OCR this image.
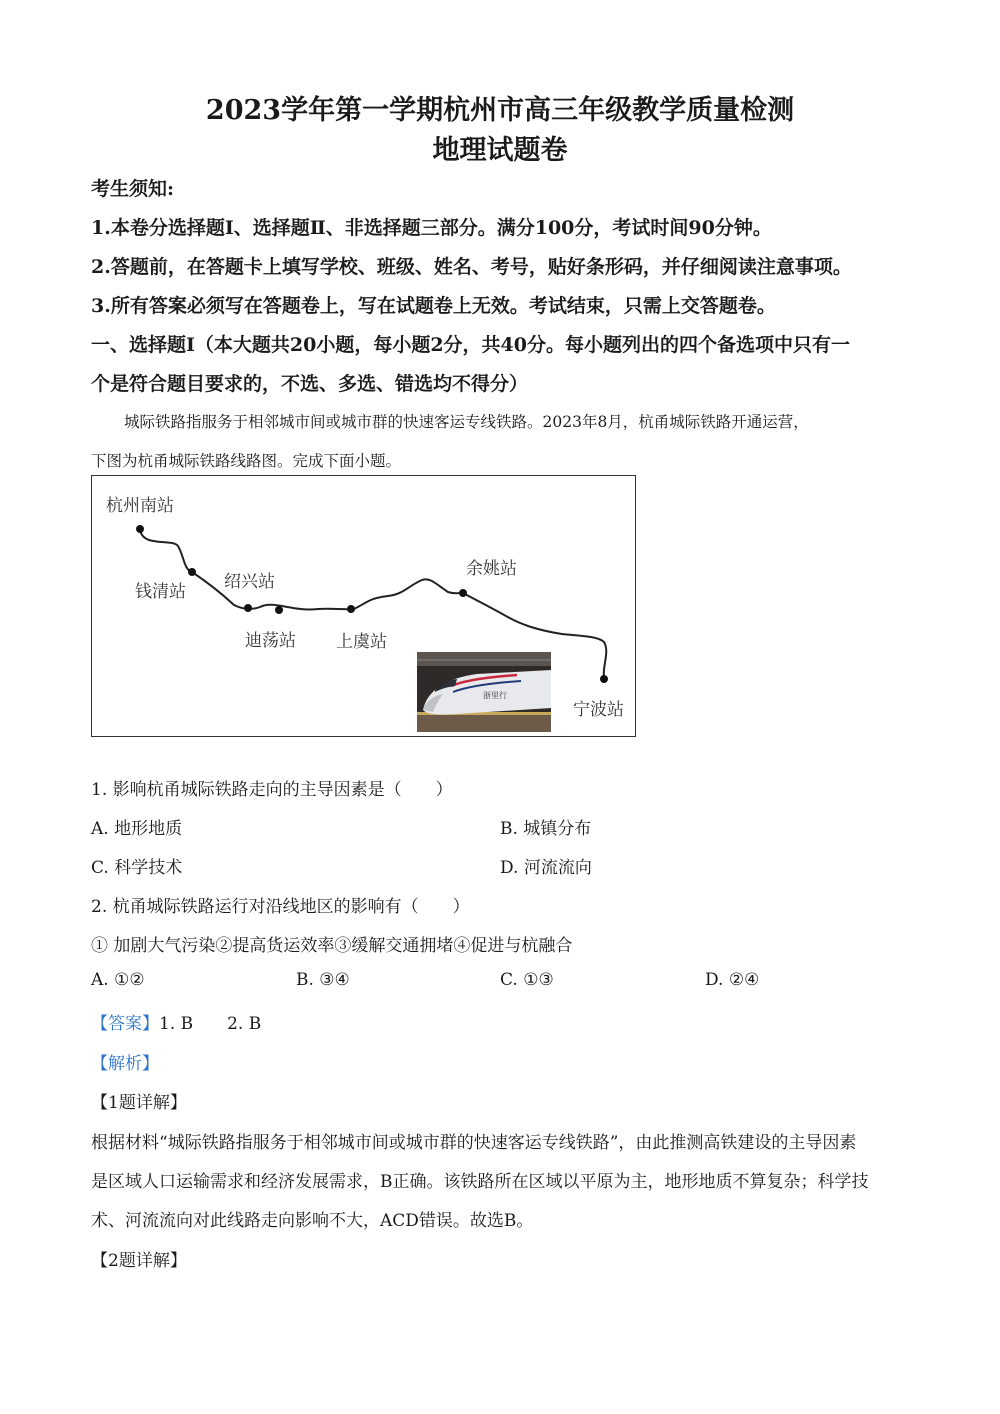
2023学年第一学期杭州市高三年级教学质量检测
地理试题卷
考生须知:
1.本卷分选择题Ⅰ、选择题Ⅱ、非选择题三部分。满分100分，考试时间90分钟。
2.答题前，在答题卡上填写学校、班级、姓名、考号，贴好条形码，并仔细阅读注意事项。
3.所有答案必须写在答题卷上，写在试题卷上无效。考试结束，只需上交答题卷。
一、选择题Ⅰ（本大题共20小题，每小题2分，共40分。每小题列出的四个备选项中只有一
个是符合题目要求的，不选、多选、错选均不得分）
城际铁路指服务于相邻城市间或城市群的快速客运专线铁路。2023年8月，杭甬城际铁路开通运营，
下图为杭甬城际铁路线路图。完成下面小题。
杭州南站
钱清站 绍兴站
迪荡站 上虞站
余姚站
宁波站
浙里行
1. 影响杭甬城际铁路走向的主导因素是（　　）
A. 地形地质	B. 城镇分布
C. 科学技术	D. 河流流向
2. 杭甬城际铁路运行对沿线地区的影响有（　　）
① 加剧大气污染②提高货运效率③缓解交通拥堵④促进与杭融合
A. ①②	B. ③④	C. ①③	D. ②④
【答案】1. B　　2. B
【解析】
【1题详解】
根据材料“城际铁路指服务于相邻城市间或城市群的快速客运专线铁路”，由此推测高铁建设的主导因素
是区域人口运输需求和经济发展需求，B正确。该铁路所在区域以平原为主，地形地质不算复杂；科学技
术、河流流向对此线路走向影响不大，ACD错误。故选B。
【2题详解】
